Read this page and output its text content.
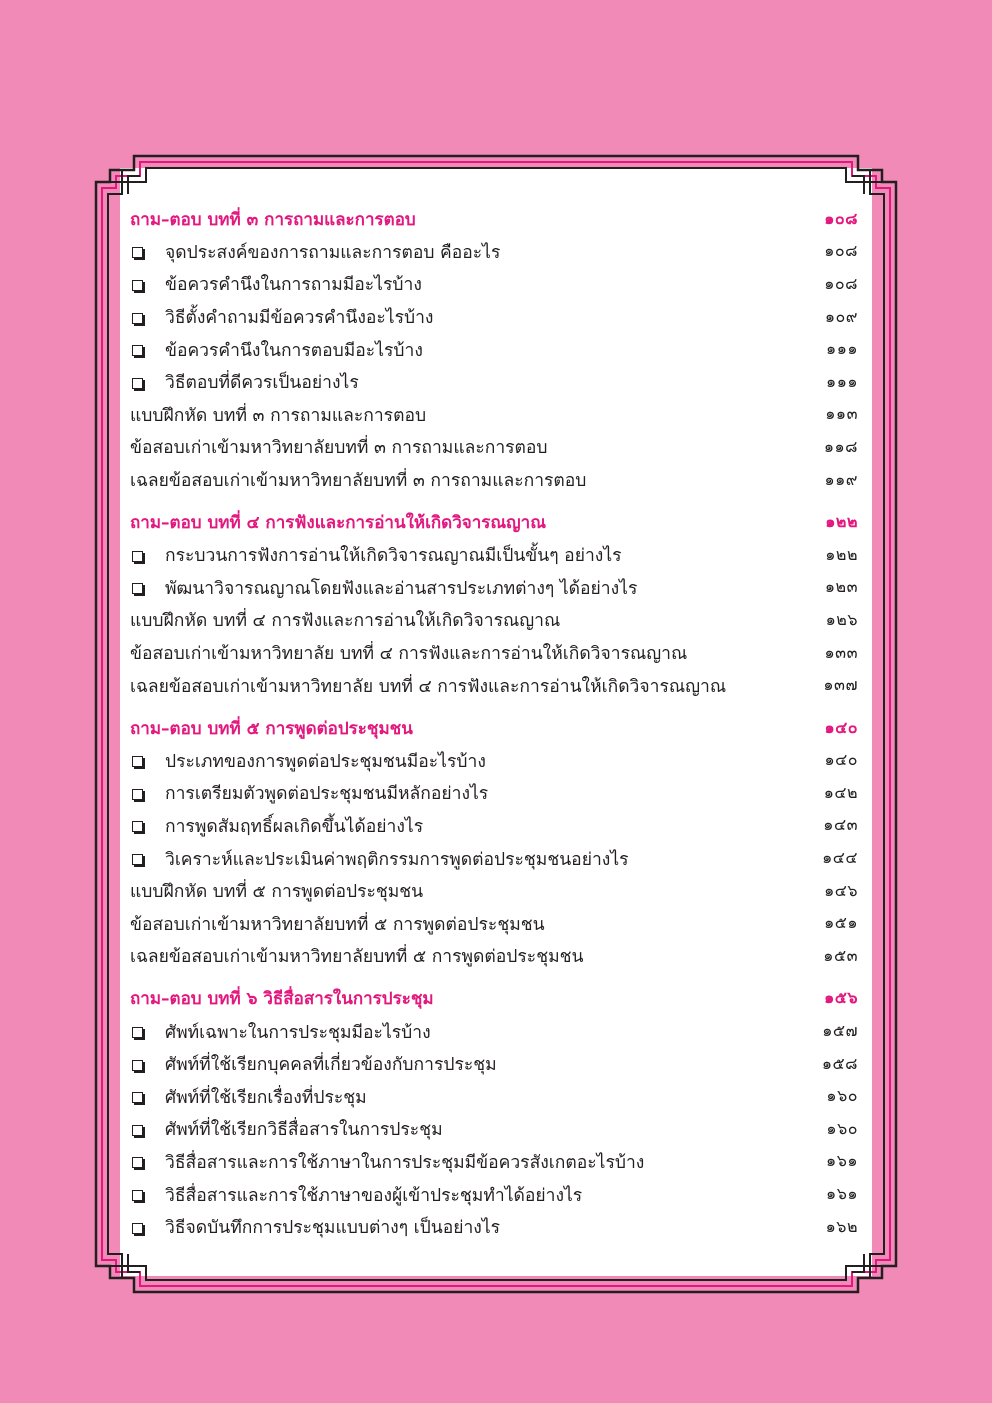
ถาม–ตอบ บทที่ ๓ การถามและการตอบ	๑๐๘
จุดประสงค์ของการถามและการตอบ คืออะไร	๑๐๘
ข้อควรคำนึงในการถามมีอะไรบ้าง	๑๐๘
วิธีตั้งคำถามมีข้อควรคำนึงอะไรบ้าง	๑๐๙
ข้อควรคำนึงในการตอบมีอะไรบ้าง	๑๑๑
วิธีตอบที่ดีควรเป็นอย่างไร	๑๑๑
แบบฝึกหัด บทที่ ๓ การถามและการตอบ	๑๑๓
ข้อสอบเก่าเข้ามหาวิทยาลัยบทที่ ๓ การถามและการตอบ	๑๑๘
เฉลยข้อสอบเก่าเข้ามหาวิทยาลัยบทที่ ๓ การถามและการตอบ	๑๑๙
ถาม–ตอบ บทที่ ๔ การฟังและการอ่านให้เกิดวิจารณญาณ	๑๒๒
กระบวนการฟังการอ่านให้เกิดวิจารณญาณมีเป็นขั้นๆ อย่างไร	๑๒๒
พัฒนาวิจารณญาณโดยฟังและอ่านสารประเภทต่างๆ ได้อย่างไร	๑๒๓
แบบฝึกหัด บทที่ ๔ การฟังและการอ่านให้เกิดวิจารณญาณ	๑๒๖
ข้อสอบเก่าเข้ามหาวิทยาลัย บทที่ ๔ การฟังและการอ่านให้เกิดวิจารณญาณ	๑๓๓
เฉลยข้อสอบเก่าเข้ามหาวิทยาลัย บทที่ ๔ การฟังและการอ่านให้เกิดวิจารณญาณ	๑๓๗
ถาม–ตอบ บทที่ ๕ การพูดต่อประชุมชน	๑๔๐
ประเภทของการพูดต่อประชุมชนมีอะไรบ้าง	๑๔๐
การเตรียมตัวพูดต่อประชุมชนมีหลักอย่างไร	๑๔๒
การพูดสัมฤทธิ์ผลเกิดขึ้นได้อย่างไร	๑๔๓
วิเคราะห์และประเมินค่าพฤติกรรมการพูดต่อประชุมชนอย่างไร	๑๔๔
แบบฝึกหัด บทที่ ๕ การพูดต่อประชุมชน	๑๔๖
ข้อสอบเก่าเข้ามหาวิทยาลัยบทที่ ๕ การพูดต่อประชุมชน	๑๕๑
เฉลยข้อสอบเก่าเข้ามหาวิทยาลัยบทที่ ๕ การพูดต่อประชุมชน	๑๕๓
ถาม–ตอบ บทที่ ๖ วิธีสื่อสารในการประชุม	๑๕๖
ศัพท์เฉพาะในการประชุมมีอะไรบ้าง	๑๕๗
ศัพท์ที่ใช้เรียกบุคคลที่เกี่ยวข้องกับการประชุม	๑๕๘
ศัพท์ที่ใช้เรียกเรื่องที่ประชุม	๑๖๐
ศัพท์ที่ใช้เรียกวิธีสื่อสารในการประชุม	๑๖๐
วิธีสื่อสารและการใช้ภาษาในการประชุมมีข้อควรสังเกตอะไรบ้าง	๑๖๑
วิธีสื่อสารและการใช้ภาษาของผู้เข้าประชุมทำได้อย่างไร	๑๖๑
วิธีจดบันทึกการประชุมแบบต่างๆ เป็นอย่างไร	๑๖๒
